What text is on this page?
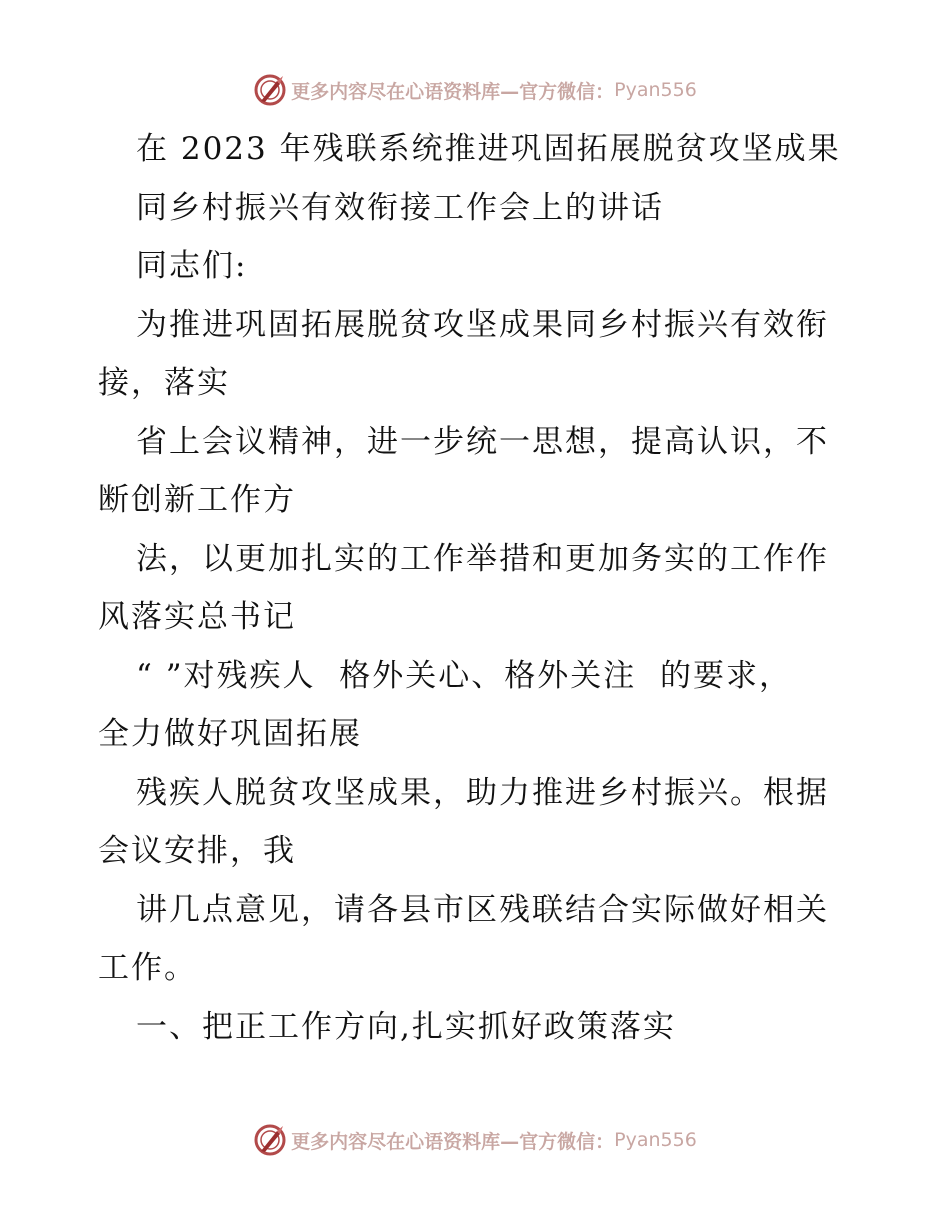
更多内容尽在心语资料库—官方微信： Pyan556
在 2023 年残联系统推进巩固拓展脱贫攻坚成果
同乡村振兴有效衔接工作会上的讲话
同志们:
为推进巩固拓展脱贫攻坚成果同乡村振兴有效衔
接，落实
省上会议精神，进一步统一思想，提高认识，不
断创新工作方
法，以更加扎实的工作举措和更加务实的工作作
风落实总书记
“ ”对残疾人  格外关心、格外关注  的要求，
全力做好巩固拓展
残疾人脱贫攻坚成果，助力推进乡村振兴。根据
会议安排，我
讲几点意见，请各县市区残联结合实际做好相关
工作。
一、把正工作方向,扎实抓好政策落实
更多内容尽在心语资料库—官方微信： Pyan556
